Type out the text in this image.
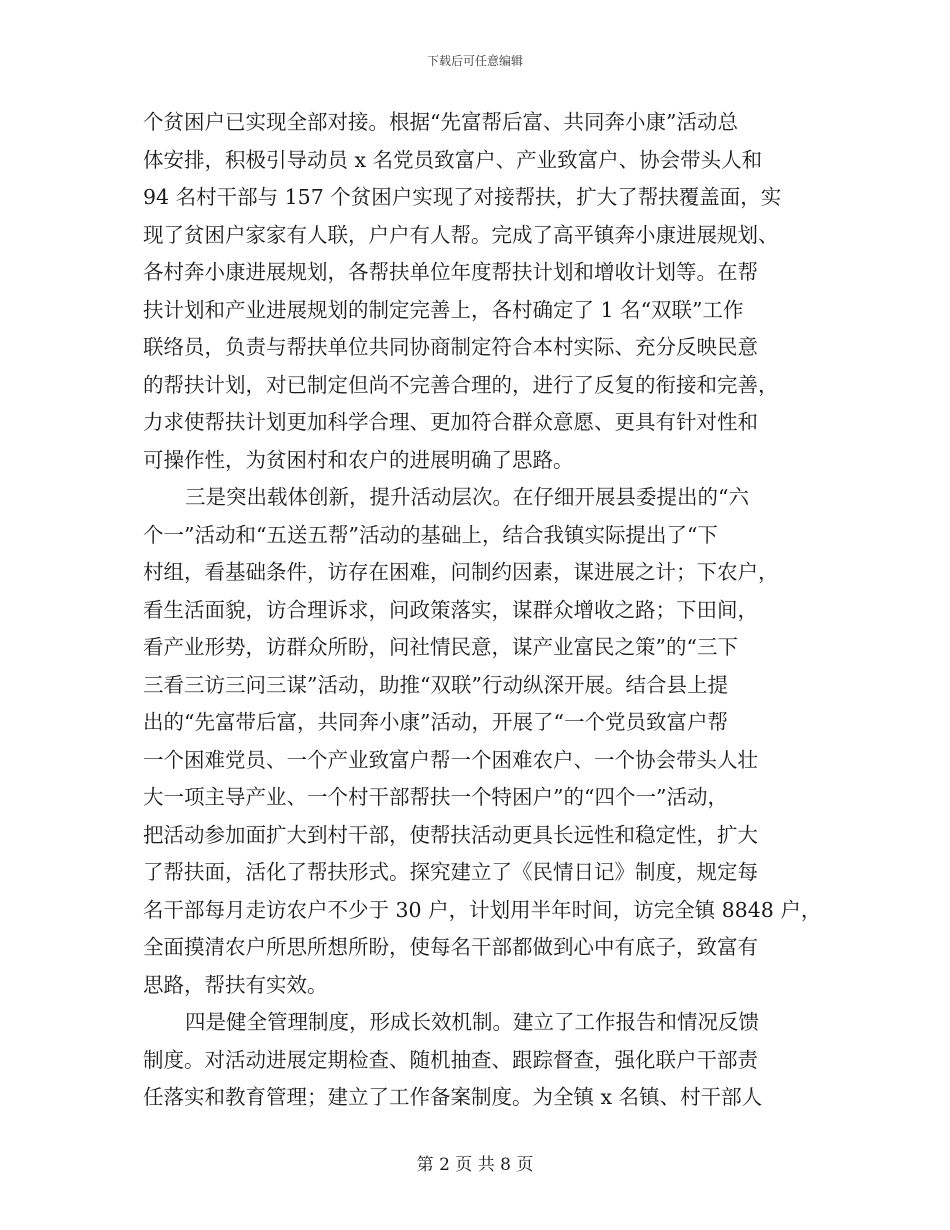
下载后可任意编辑
个贫困户已实现全部对接。根据“先富帮后富、共同奔小康”活动总
体安排，积极引导动员 x 名党员致富户、产业致富户、协会带头人和
94 名村干部与 157 个贫困户实现了对接帮扶，扩大了帮扶覆盖面，实
现了贫困户家家有人联，户户有人帮。完成了高平镇奔小康进展规划、
各村奔小康进展规划，各帮扶单位年度帮扶计划和增收计划等。在帮
扶计划和产业进展规划的制定完善上，各村确定了 1 名“双联”工作
联络员，负责与帮扶单位共同协商制定符合本村实际、充分反映民意
的帮扶计划，对已制定但尚不完善合理的，进行了反复的衔接和完善，
力求使帮扶计划更加科学合理、更加符合群众意愿、更具有针对性和
可操作性，为贫困村和农户的进展明确了思路。
三是突出载体创新，提升活动层次。在仔细开展县委提出的“六
个一”活动和“五送五帮”活动的基础上，结合我镇实际提出了“下
村组，看基础条件，访存在困难，问制约因素，谋进展之计；下农户，
看生活面貌，访合理诉求，问政策落实，谋群众增收之路；下田间，
看产业形势，访群众所盼，问社情民意，谋产业富民之策”的“三下
三看三访三问三谋”活动，助推“双联”行动纵深开展。结合县上提
出的“先富带后富，共同奔小康”活动，开展了“一个党员致富户帮
一个困难党员、一个产业致富户帮一个困难农户、一个协会带头人壮
大一项主导产业、一个村干部帮扶一个特困户”的“四个一”活动，
把活动参加面扩大到村干部，使帮扶活动更具长远性和稳定性，扩大
了帮扶面，活化了帮扶形式。探究建立了《民情日记》制度，规定每
名干部每月走访农户不少于 30 户，计划用半年时间，访完全镇 8848 户，
全面摸清农户所思所想所盼，使每名干部都做到心中有底子，致富有
思路，帮扶有实效。
四是健全管理制度，形成长效机制。建立了工作报告和情况反馈
制度。对活动进展定期检查、随机抽查、跟踪督查，强化联户干部责
任落实和教育管理；建立了工作备案制度。为全镇 x 名镇、村干部人
第 2 页 共 8 页
